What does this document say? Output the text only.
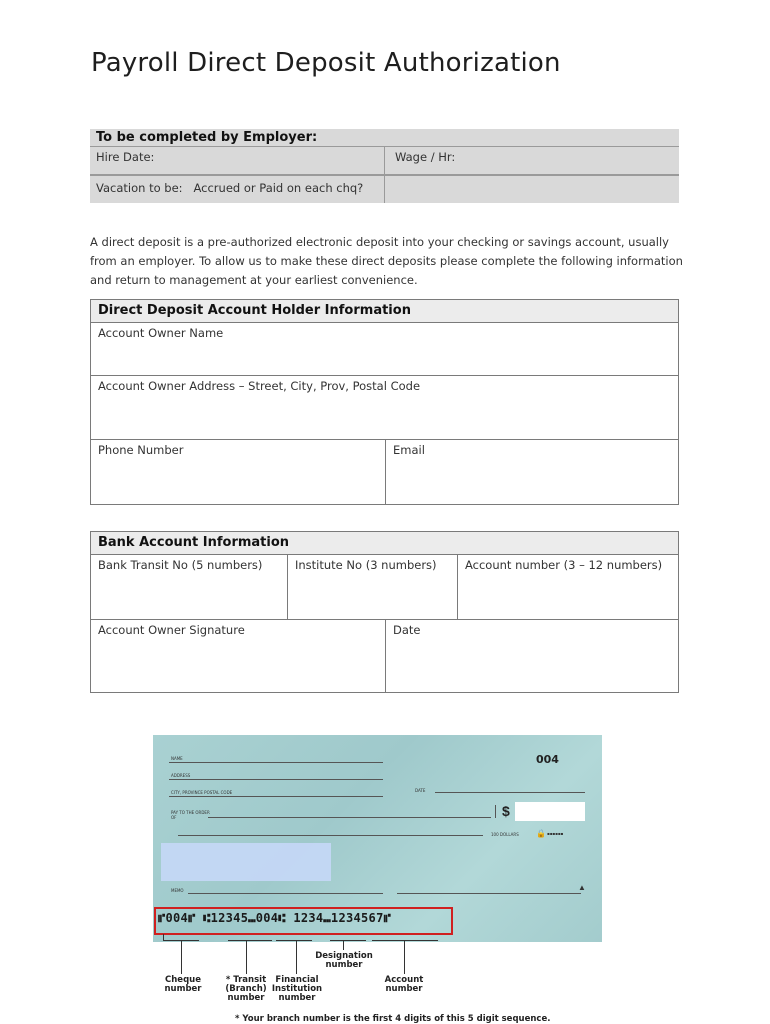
Payroll Direct Deposit Authorization
To be completed by Employer:
Hire Date:	Wage / Hr:
Vacation to be: Accrued or Paid on each chq?
A direct deposit is a pre-authorized electronic deposit into your checking or savings account, usually from an employer. To allow us to make these direct deposits please complete the following information and return to management at your earliest convenience.
Direct Deposit Account Holder Information
Account Owner Name
Account Owner Address – Street, City, Prov, Postal Code
Phone Number	Email
Bank Account Information
Bank Transit No (5 numbers)	Institute No (3 numbers)	Account number (3 – 12 numbers)
Account Owner Signature	Date
NAME
ADDRESS
CITY, PROVINCE POSTAL CODE
004
DATE
PAY TO THE ORDER OF	$
100 DOLLARS 🔒 ▪▪▪▪▪▪
MEMO	▲
⑈004⑈ ⑆12345⑉004⑆ 1234⑉1234567⑈
Cheque number
* Transit (Branch) number
Financial Institution number
Designation number
Account number
* Your branch number is the first 4 digits of this 5 digit sequence.
